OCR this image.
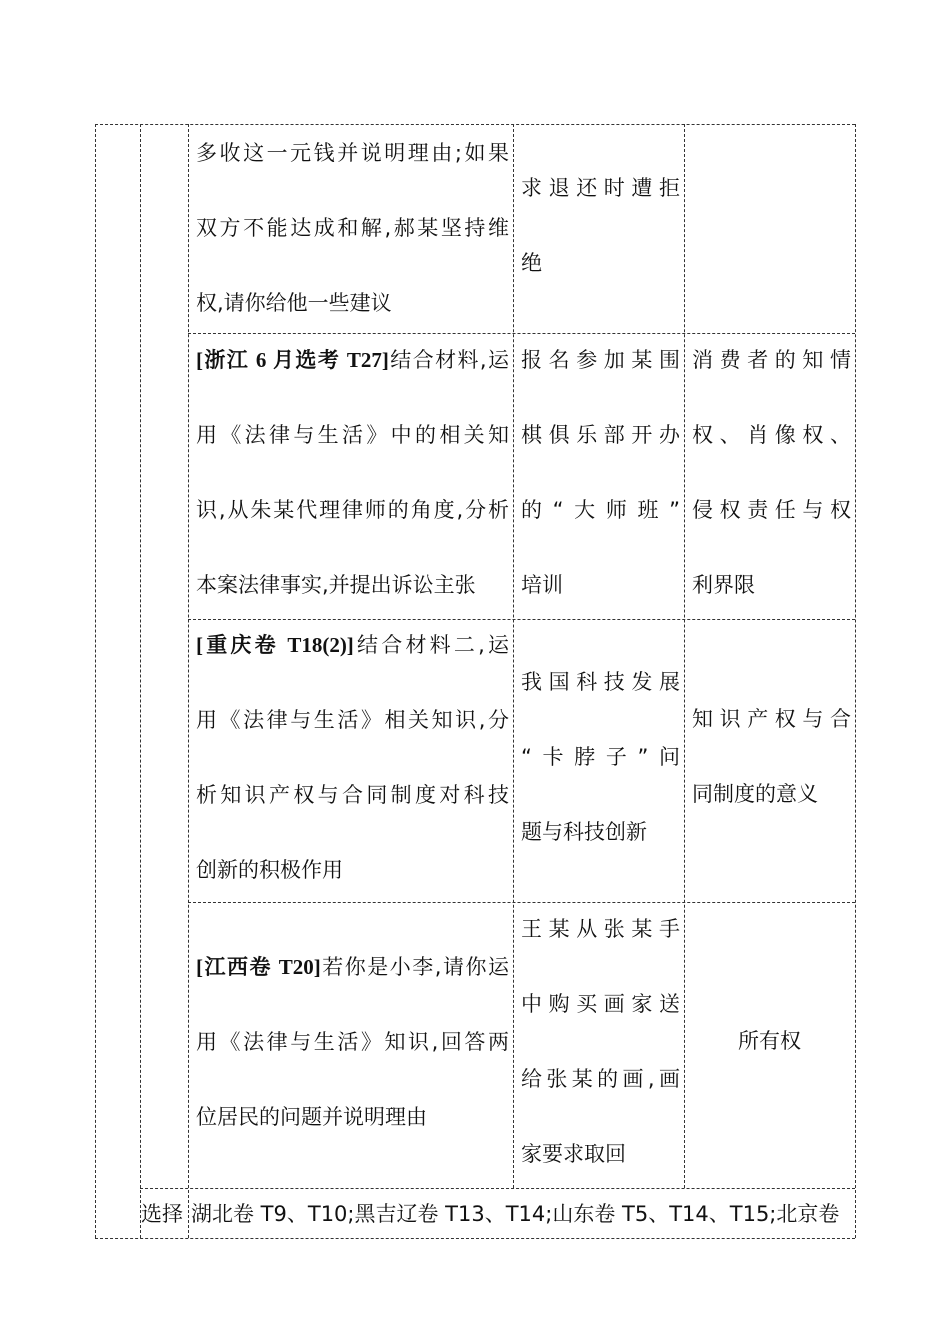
多收这一元钱并说明理由;如果
双方不能达成和解,郝某坚持维
权,请你给他一些建议
求退还时遭拒
绝
[浙江 6 月选考 T27]结合材料,运
用《法律与生活》中的相关知
识,从朱某代理律师的角度,分析
本案法律事实,并提出诉讼主张
报名参加某围
棋俱乐部开办
的“大师班”
培训
消费者的知情
权、肖像权、
侵权责任与权
利界限
[重庆卷 T18(2)]结合材料二,运
用《法律与生活》相关知识,分
析知识产权与合同制度对科技
创新的积极作用
我国科技发展
“卡脖子”问
题与科技创新
知识产权与合
同制度的意义
[江西卷 T20]若你是小李,请你运
用《法律与生活》知识,回答两
位居民的问题并说明理由
王某从张某手
中购买画家送
给张某的画,画
家要求取回
所有权
选择 湖北卷 T9、T10;黑吉辽卷 T13、T14;山东卷 T5、T14、T15;北京卷
